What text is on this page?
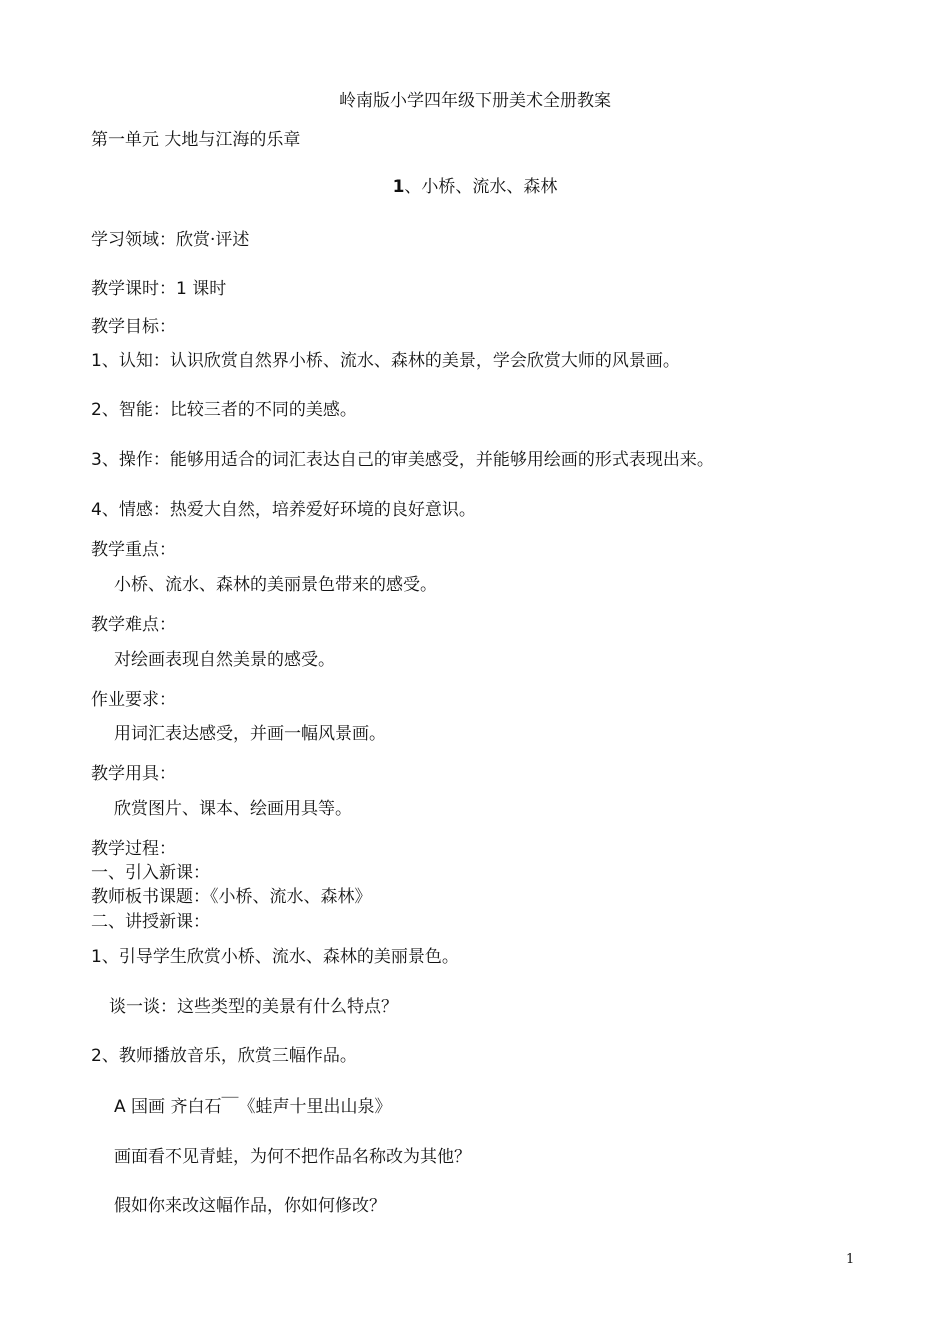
岭南版小学四年级下册美术全册教案

第一单元 大地与江海的乐章

1、小桥、流水、森林

学习领域：欣赏·评述

教学课时：1 课时

教学目标：

1、认知：认识欣赏自然界小桥、流水、森林的美景，学会欣赏大师的风景画。

2、智能：比较三者的不同的美感。

3、操作：能够用适合的词汇表达自己的审美感受，并能够用绘画的形式表现出来。

4、情感：热爱大自然，培养爱好环境的良好意识。

教学重点：

小桥、流水、森林的美丽景色带来的感受。

教学难点：

对绘画表现自然美景的感受。

作业要求：

用词汇表达感受，并画一幅风景画。

教学用具：

欣赏图片、课本、绘画用具等。

教学过程：

一、引入新课：

教师板书课题：《小桥、流水、森林》

二、讲授新课：

1、引导学生欣赏小桥、流水、森林的美丽景色。

谈一谈：这些类型的美景有什么特点？

2、教师播放音乐，欣赏三幅作品。

A 国画 齐白石￣《蛙声十里出山泉》

画面看不见青蛙，为何不把作品名称改为其他？

假如你来改这幅作品，你如何修改？

1
